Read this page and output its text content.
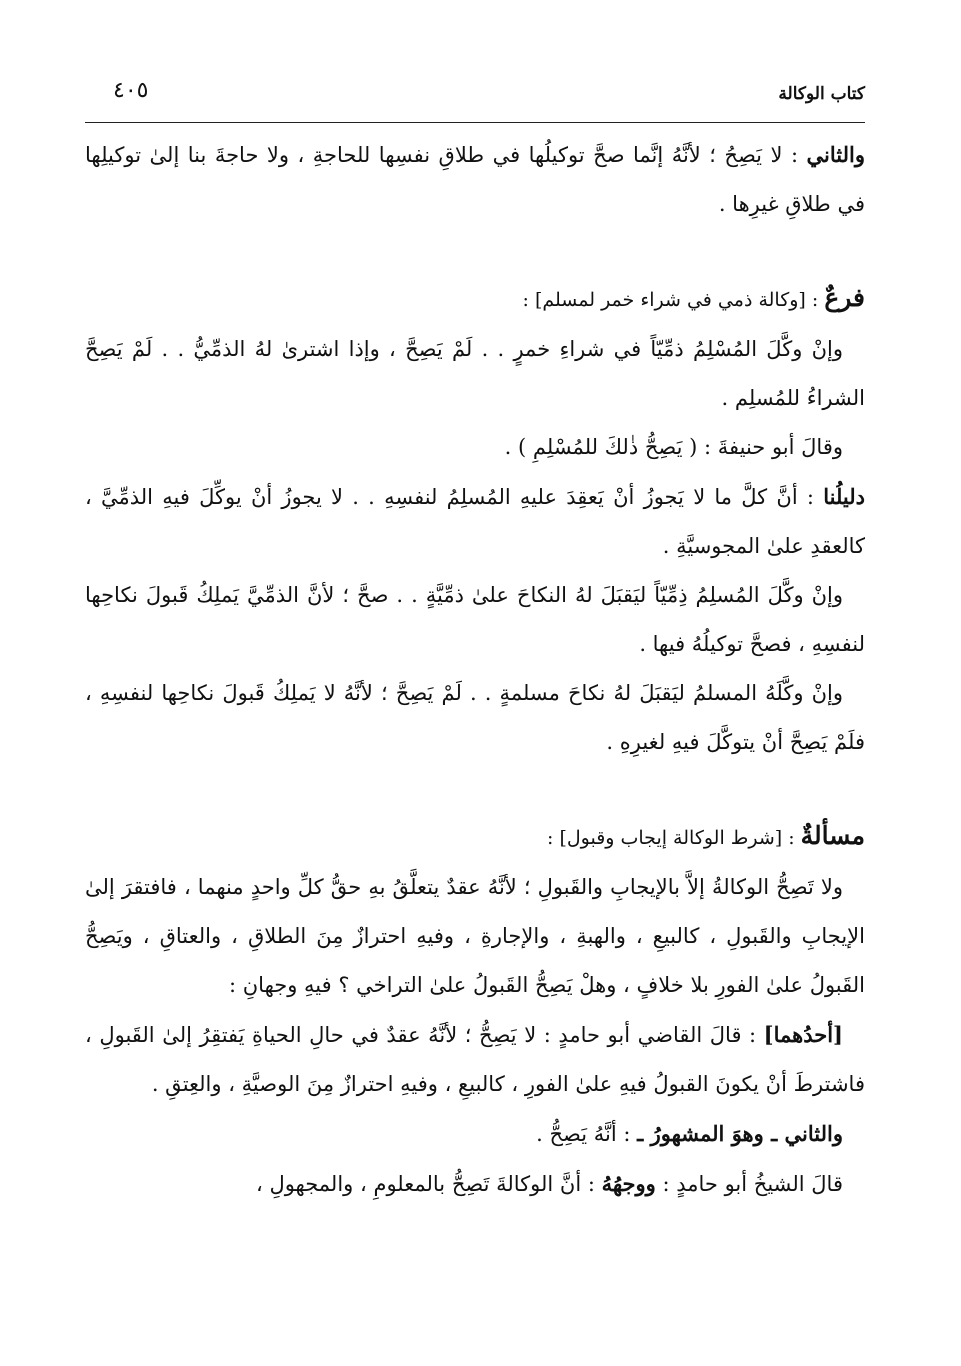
كتاب الوكالة
٤٠٥

والثاني : لا يَصِحُ ؛ لأنَّهُ إنَّما صحَّ توكيلُها في طلاقِ نفسِها للحاجةِ ، ولا حاجةَ بنا إلىٰ توكيلِها في طلاقِ غيرِها .

فرعٌ : [وكالة ذمي في شراء خمر لمسلم] :

وإنْ وكَّلَ المُسْلِمُ ذمِّيّاً في شراءِ خمرٍ . . لَمْ يَصِحَّ ، وإذا اشترىٰ لهُ الذمِّيُّ . . لَمْ يَصِحَّ الشراءُ للمُسلِم .

وقالَ أبو حنيفةَ : ( يَصِحُّ ذٰلكَ للمُسْلِمِ ) .

دليلُنا : أنَّ كلَّ ما لا يَجوزُ أنْ يَعقِدَ عليهِ المُسلِمُ لنفسِهِ . . لا يجوزُ أنْ يوكِّلَ فيهِ الذمِّيَّ ، كالعقدِ علىٰ المجوسيَّةِ .

وإنْ وكَّلَ المُسلِمُ ذِمِّيّاً ليَقبَلَ لهُ النكاحَ علىٰ ذمِّيَّةٍ . . صحَّ ؛ لأنَّ الذمِّيَّ يَملِكُ قَبولَ نكاحِها لنفسِهِ ، فصحَّ توكيلُهُ فيها .

وإنْ وكَّلَهُ المسلمُ ليَقبَلَ لهُ نكاحَ مسلمةٍ . . لَمْ يَصِحَّ ؛ لأنَّهُ لا يَملِكُ قَبولَ نكاحِها لنفسِهِ ، فلَمْ يَصِحَّ أنْ يتوكَّلَ فيهِ لغيرِهِ .

مسألةٌ : [شرط الوكالة إيجاب وقبول] :

ولا تَصِحُّ الوكالةُ إلاَّ بالإيجابِ والقَبولِ ؛ لأنَّهُ عقدٌ يتعلَّقُ بهِ حقُّ كلِّ واحدٍ منهما ، فافتقرَ إلىٰ الإيجابِ والقَبولِ ، كالبيعِ ، والهبةِ ، والإجارةِ ، وفيهِ احترازٌ مِنَ الطلاقِ ، والعتاقِ ، ويَصِحُّ القَبولُ علىٰ الفورِ بلا خلافٍ ، وهلْ يَصِحُّ القَبولُ علىٰ التراخي ؟ فيهِ وجهانِ :

[أحدُهما] : قالَ القاضي أبو حامدٍ : لا يَصِحُّ ؛ لأنَّهُ عقدٌ في حالِ الحياةِ يَفتقِرُ إلىٰ القَبولِ ، فاشترطَ أنْ يكونَ القبولُ فيهِ علىٰ الفورِ ، كالبيعِ ، وفيهِ احترازٌ مِنَ الوصيَّةِ ، والعِتقِ .

والثاني ـ وهوَ المشهورُ ـ : أنَّهُ يَصِحُّ .

قالَ الشيخُ أبو حامدٍ : ووجهُهُ : أنَّ الوكالةَ تَصِحُّ بالمعلومِ ، والمجهولِ ،
